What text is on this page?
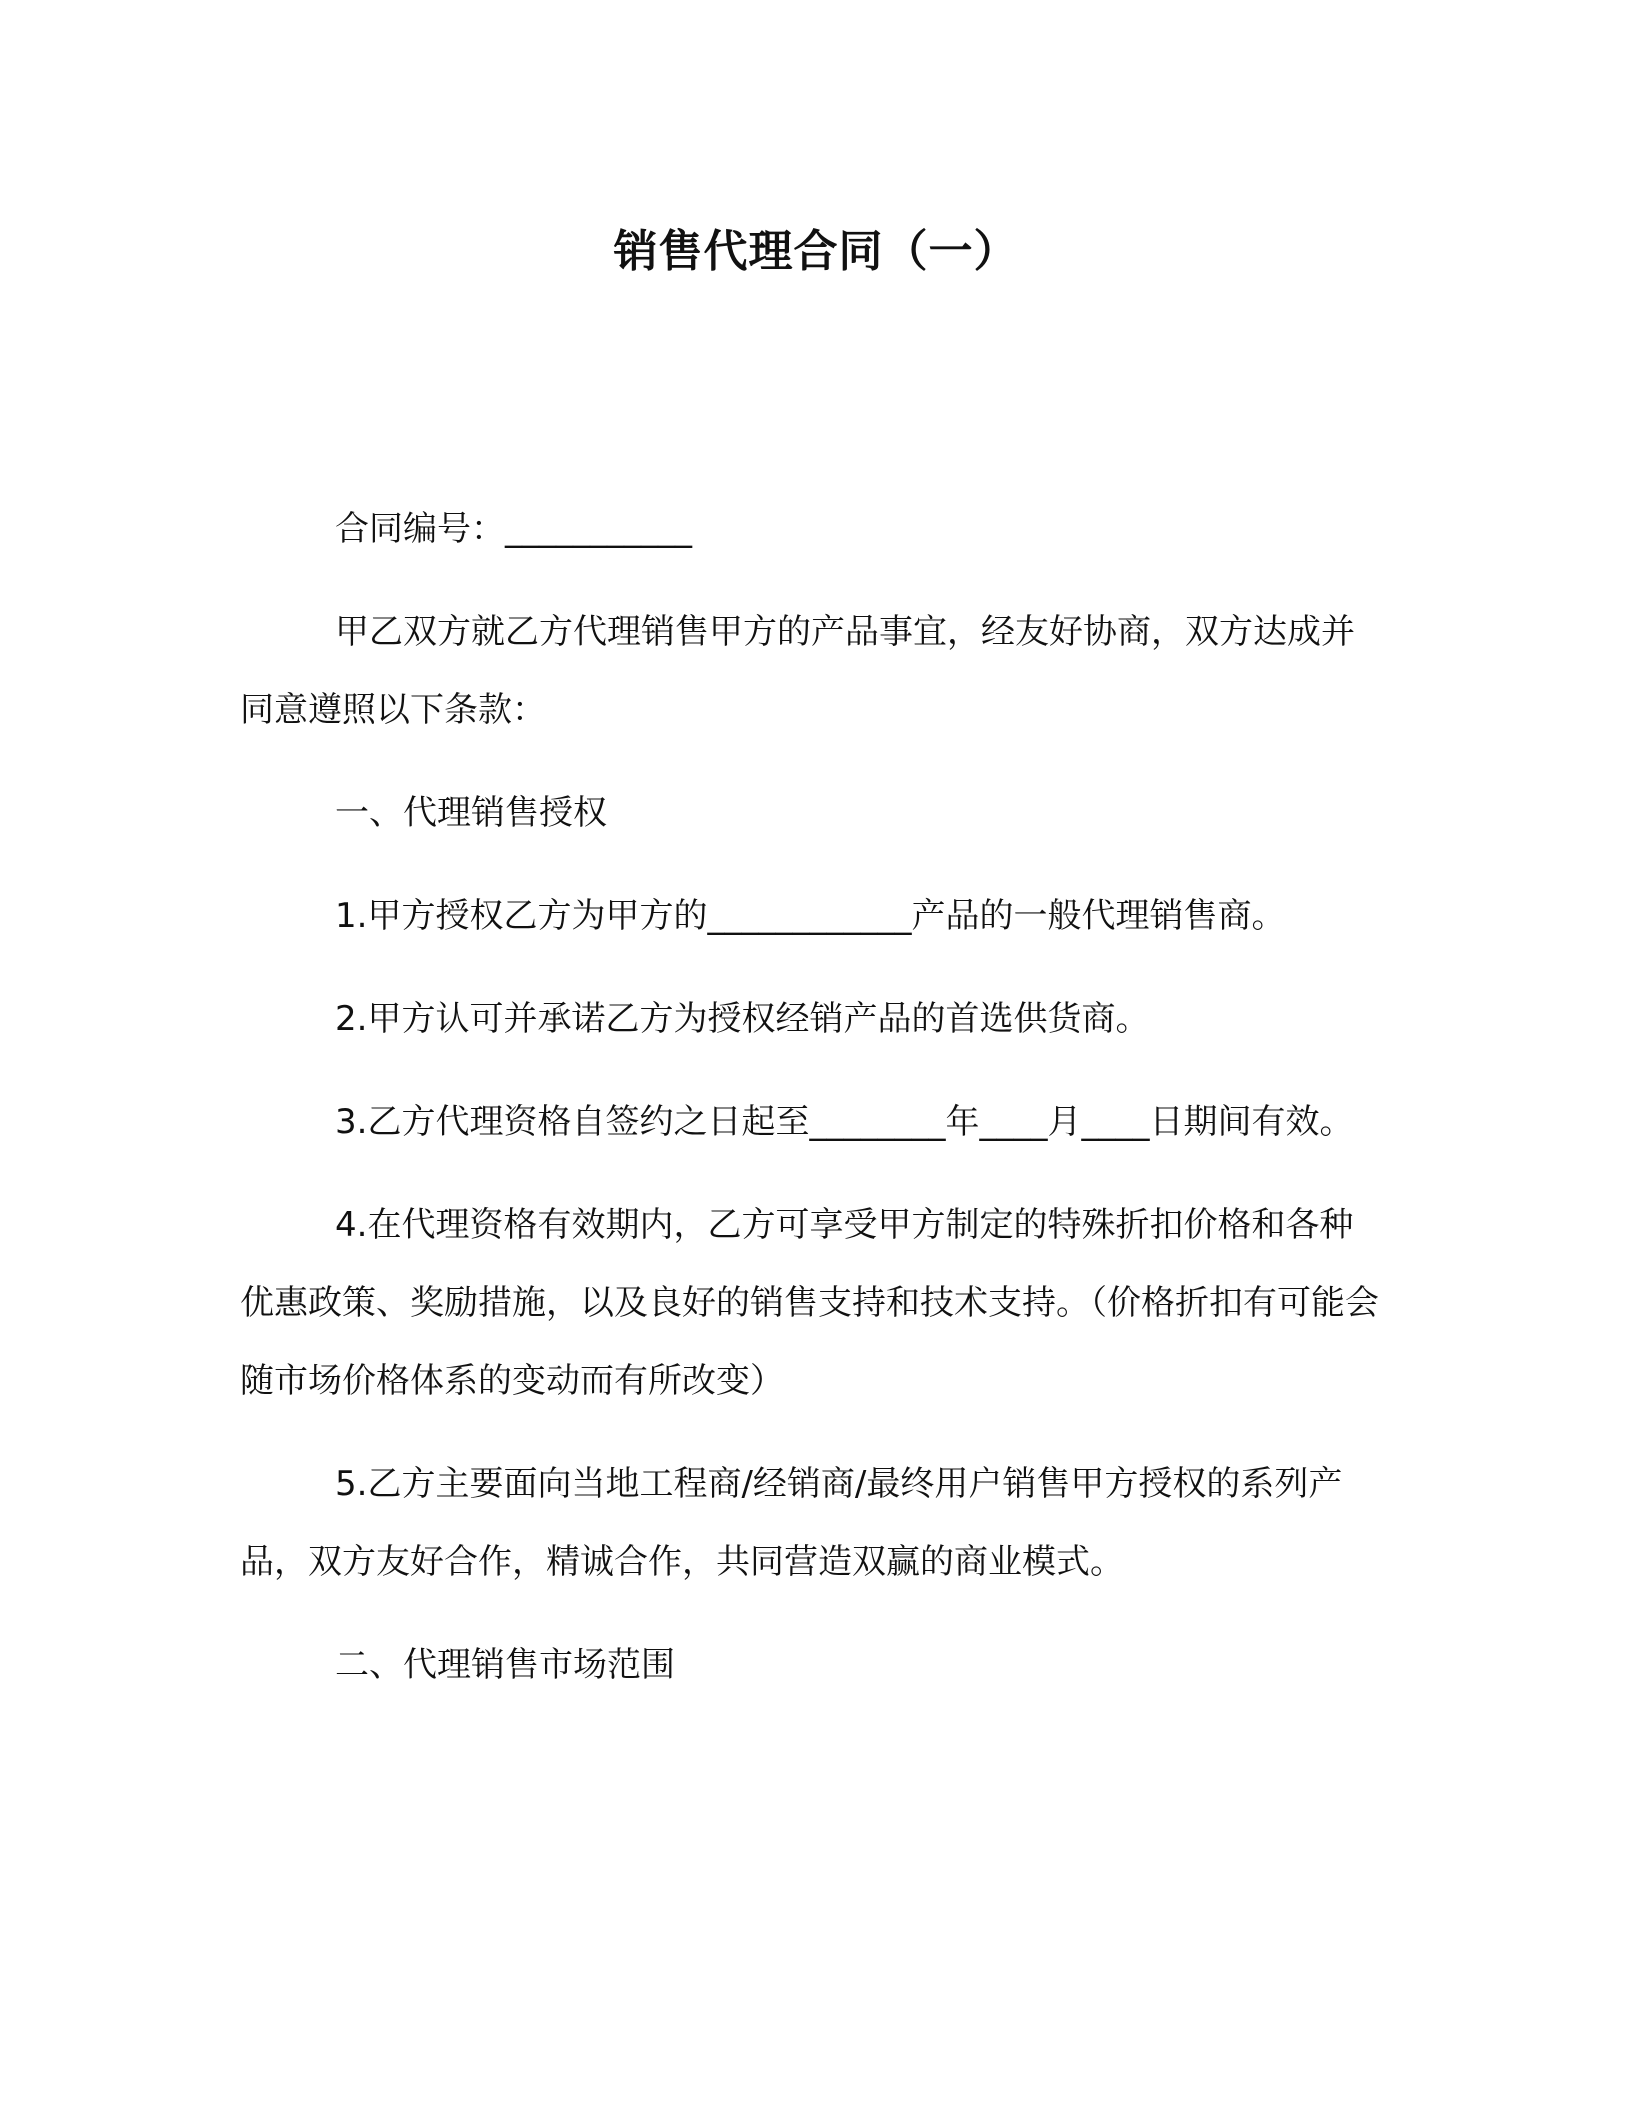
销售代理合同（一）

合同编号：___________

甲乙双方就乙方代理销售甲方的产品事宜，经友好协商，双方达成并同意遵照以下条款：

一、代理销售授权

1.甲方授权乙方为甲方的____________产品的一般代理销售商。

2.甲方认可并承诺乙方为授权经销产品的首选供货商。

3.乙方代理资格自签约之日起至________年____月____日期间有效。

4.在代理资格有效期内，乙方可享受甲方制定的特殊折扣价格和各种优惠政策、奖励措施，以及良好的销售支持和技术支持。（价格折扣有可能会随市场价格体系的变动而有所改变）

5.乙方主要面向当地工程商/经销商/最终用户销售甲方授权的系列产品，双方友好合作，精诚合作，共同营造双赢的商业模式。

二、代理销售市场范围
